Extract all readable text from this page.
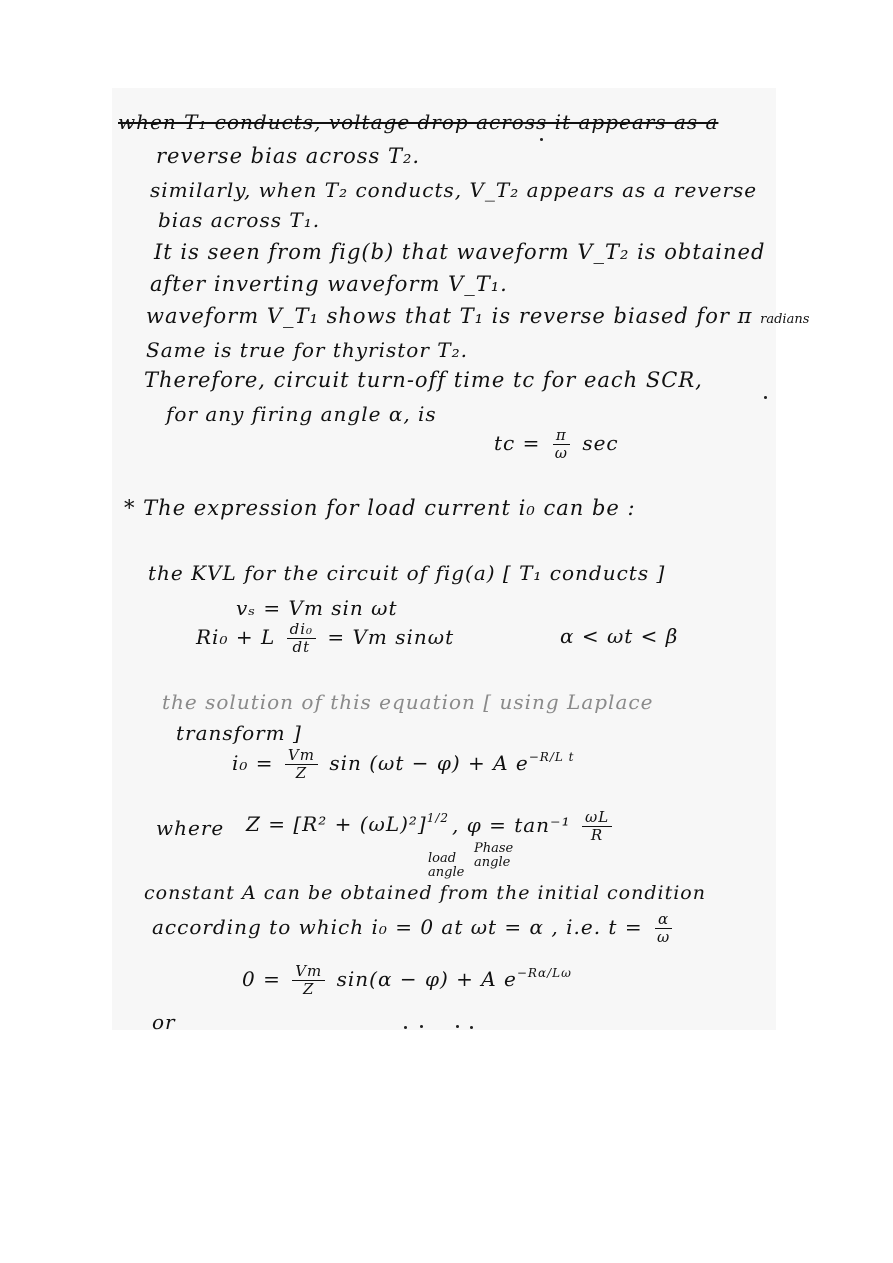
when T₁ conducts, voltage drop across it appears as a
reverse bias across T₂.
similarly, when T₂ conducts, V_T₂ appears as a reverse
bias across T₁.
It is seen from fig(b) that waveform V_T₂ is obtained
after inverting waveform V_T₁.
waveform V_T₁ shows that T₁ is reverse biased for π radians
Same is true for thyristor T₂.
Therefore, circuit turn-off time tc for each SCR,
for any firing angle α, is
tc = $\frac{\pi}{\omega}$ sec
* The expression for load current i₀ can be :
the KVL for the circuit of fig(a) [ T₁ conducts ]
vₛ = Vm sin ωt
Ri₀ + L $\frac{\text{di₀}}{dt} = Vm$ sinωt	α < ωt < β
the solution of this equation [ using Laplace
transform ]
$i_0 = \frac{Vm}{Z}$ sin (ωt − φ) + A $e^{-R/L t}$
where $Z = [R^2 + (\omega L)^2]^{1/2}$ , $\varphi = \tan^{-1} \frac{\omega L}{R}$
load angle
Phase angle
constant A can be obtained from the initial condition
according to which i₀ = 0 at ωt = α , i.e. $t = \frac{\alpha}{\omega}$
$0 = \frac{Vm}{Z} \sin(\alpha - \varphi) + A$ $e^{-R\alpha/L\omega}$
or
